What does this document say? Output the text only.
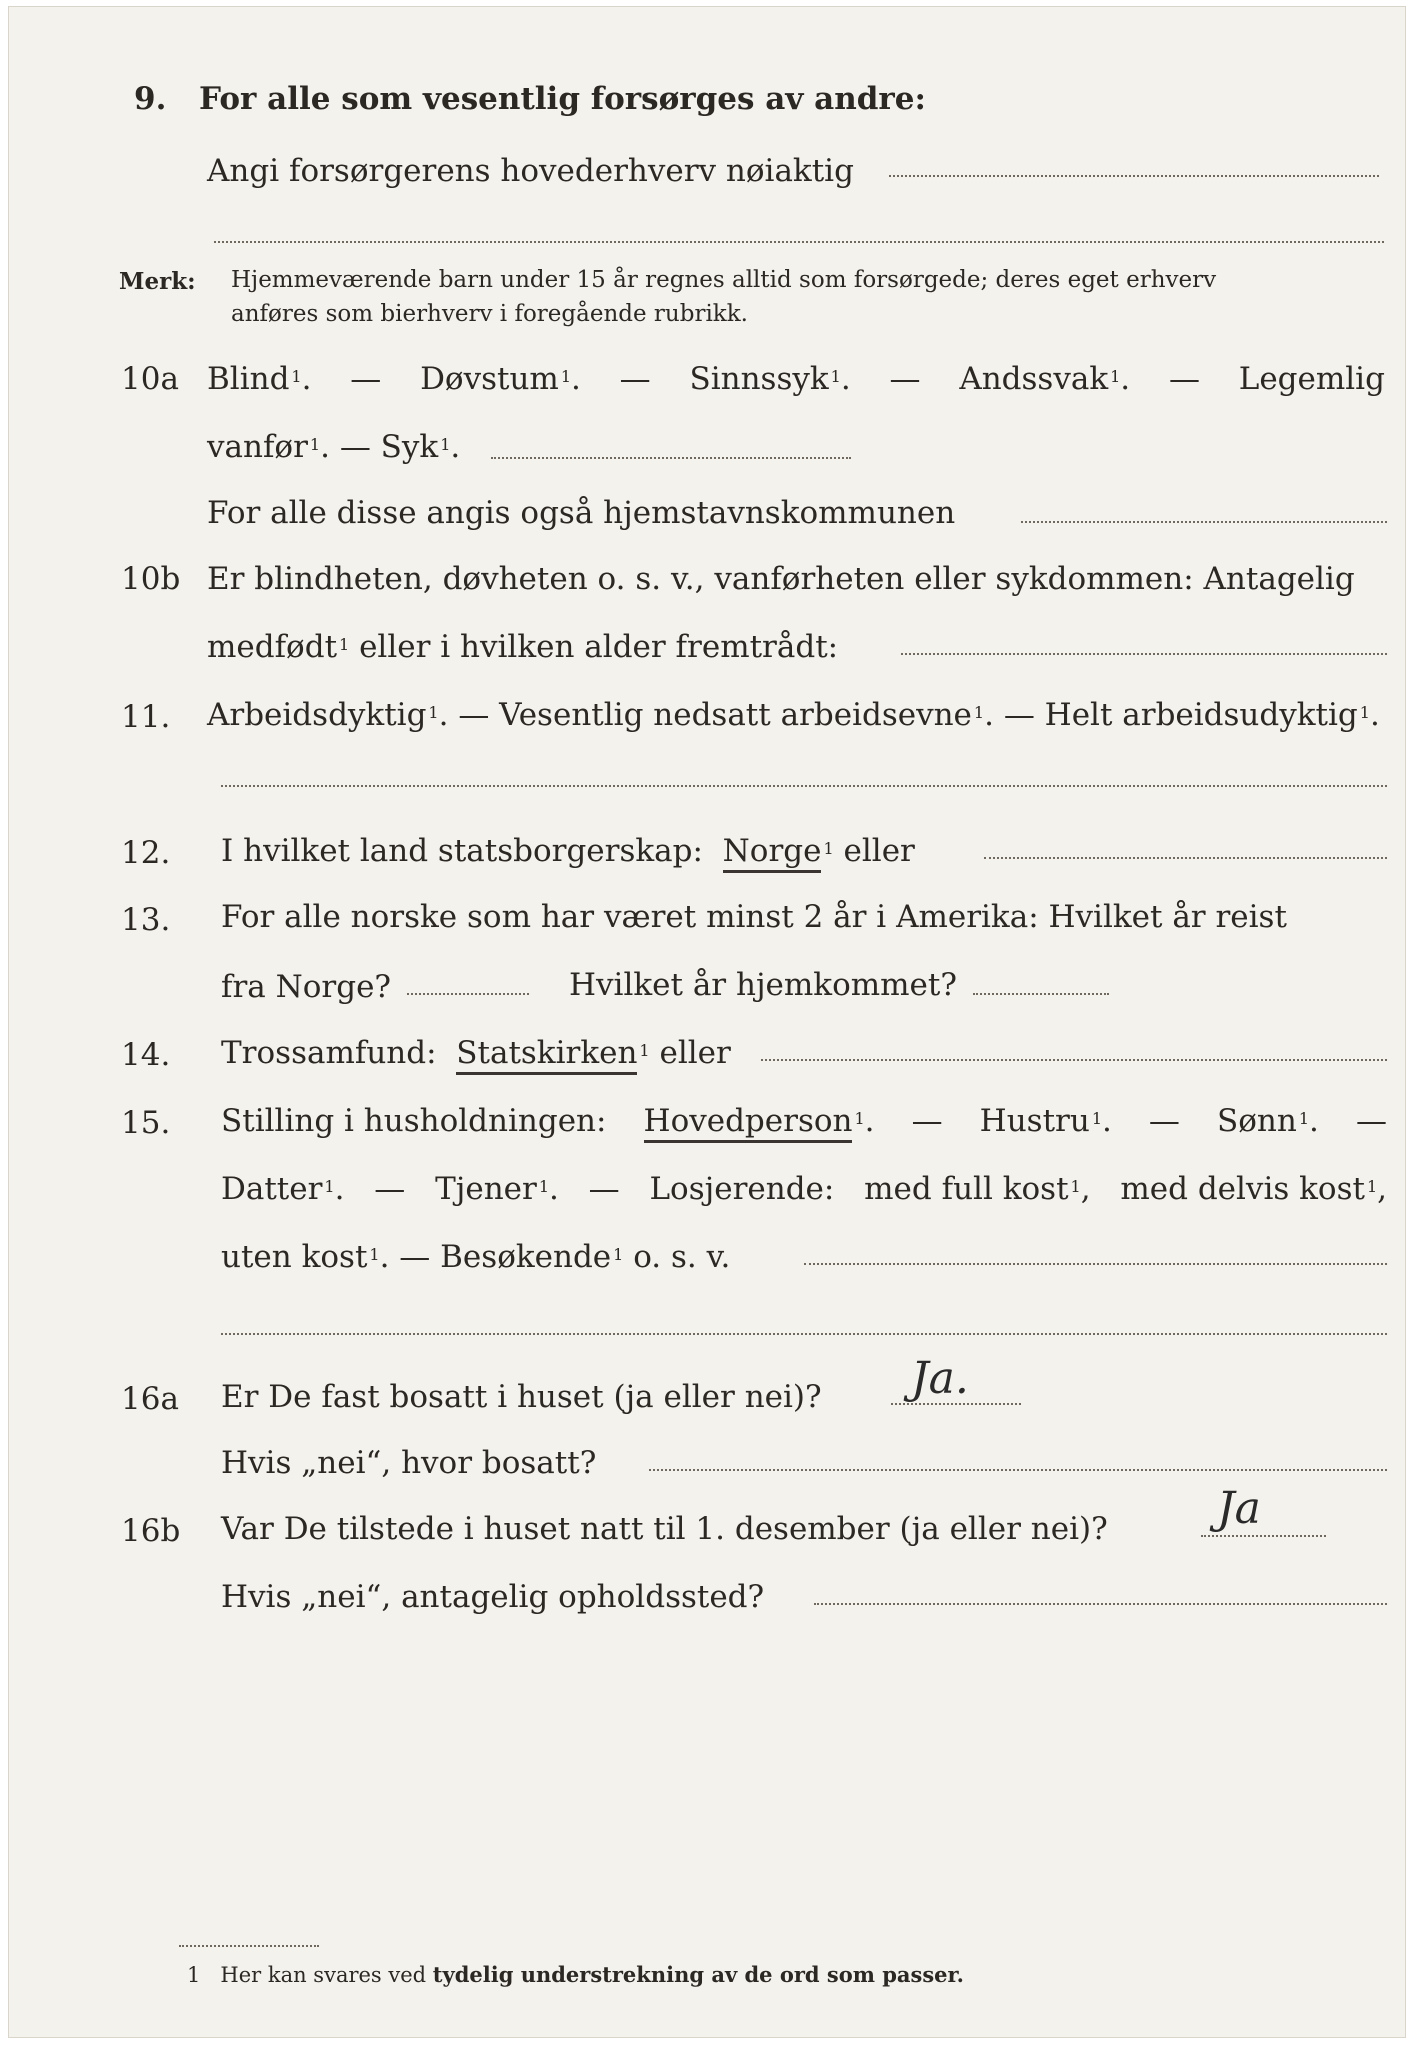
9. For alle som vesentlig forsørges av andre:
Angi forsørgerens hovederhverv nøiaktig
Merk: Hjemmeværende barn under 15 år regnes alltid som forsørgede; deres eget erhverv
anføres som bierhverv i foregående rubrikk.
10a Blind $^1$. — Døvstum $^1$. — Sinnssyk $^1$. — Andssvak $^1$. — Legemlig
vanfør $^1$. — Syk $^1$.
For alle disse angis også hjemstavnskommunen
10b Er blindheten, døvheten o. s. v., vanførheten eller sykdommen: Antagelig
medfødt $^1$ eller i hvilken alder fremtrådt:
11. Arbeidsdyktig $^1$. — Vesentlig nedsatt arbeidsevne $^1$. — Helt arbeidsudyktig $^1$.
12. I hvilket land statsborgerskap: Norge $^1$ eller
13. For alle norske som har været minst 2 år i Amerika: Hvilket år reist
fra Norge?	Hvilket år hjemkommet?
14. Trossamfund: Statskirken $^1$ eller
15. Stilling i husholdningen: Hovedperson $^1$. — Hustru $^1$. — Sønn $^1$. —
Datter $^1$. — Tjener $^1$. — Losjerende: med full kost $^1$, med delvis kost $^1$,
uten kost $^1$. — Besøkende $^1$ o. s. v.
16a Er De fast bosatt i huset (ja eller nei)? Ja.
Hvis „nei“, hvor bosatt?
16b Var De tilstede i huset natt til 1. desember (ja eller nei)? Ja
Hvis „nei“, antagelig opholdssted?
1 Her kan svares ved tydelig understrekning av de ord som passer.
